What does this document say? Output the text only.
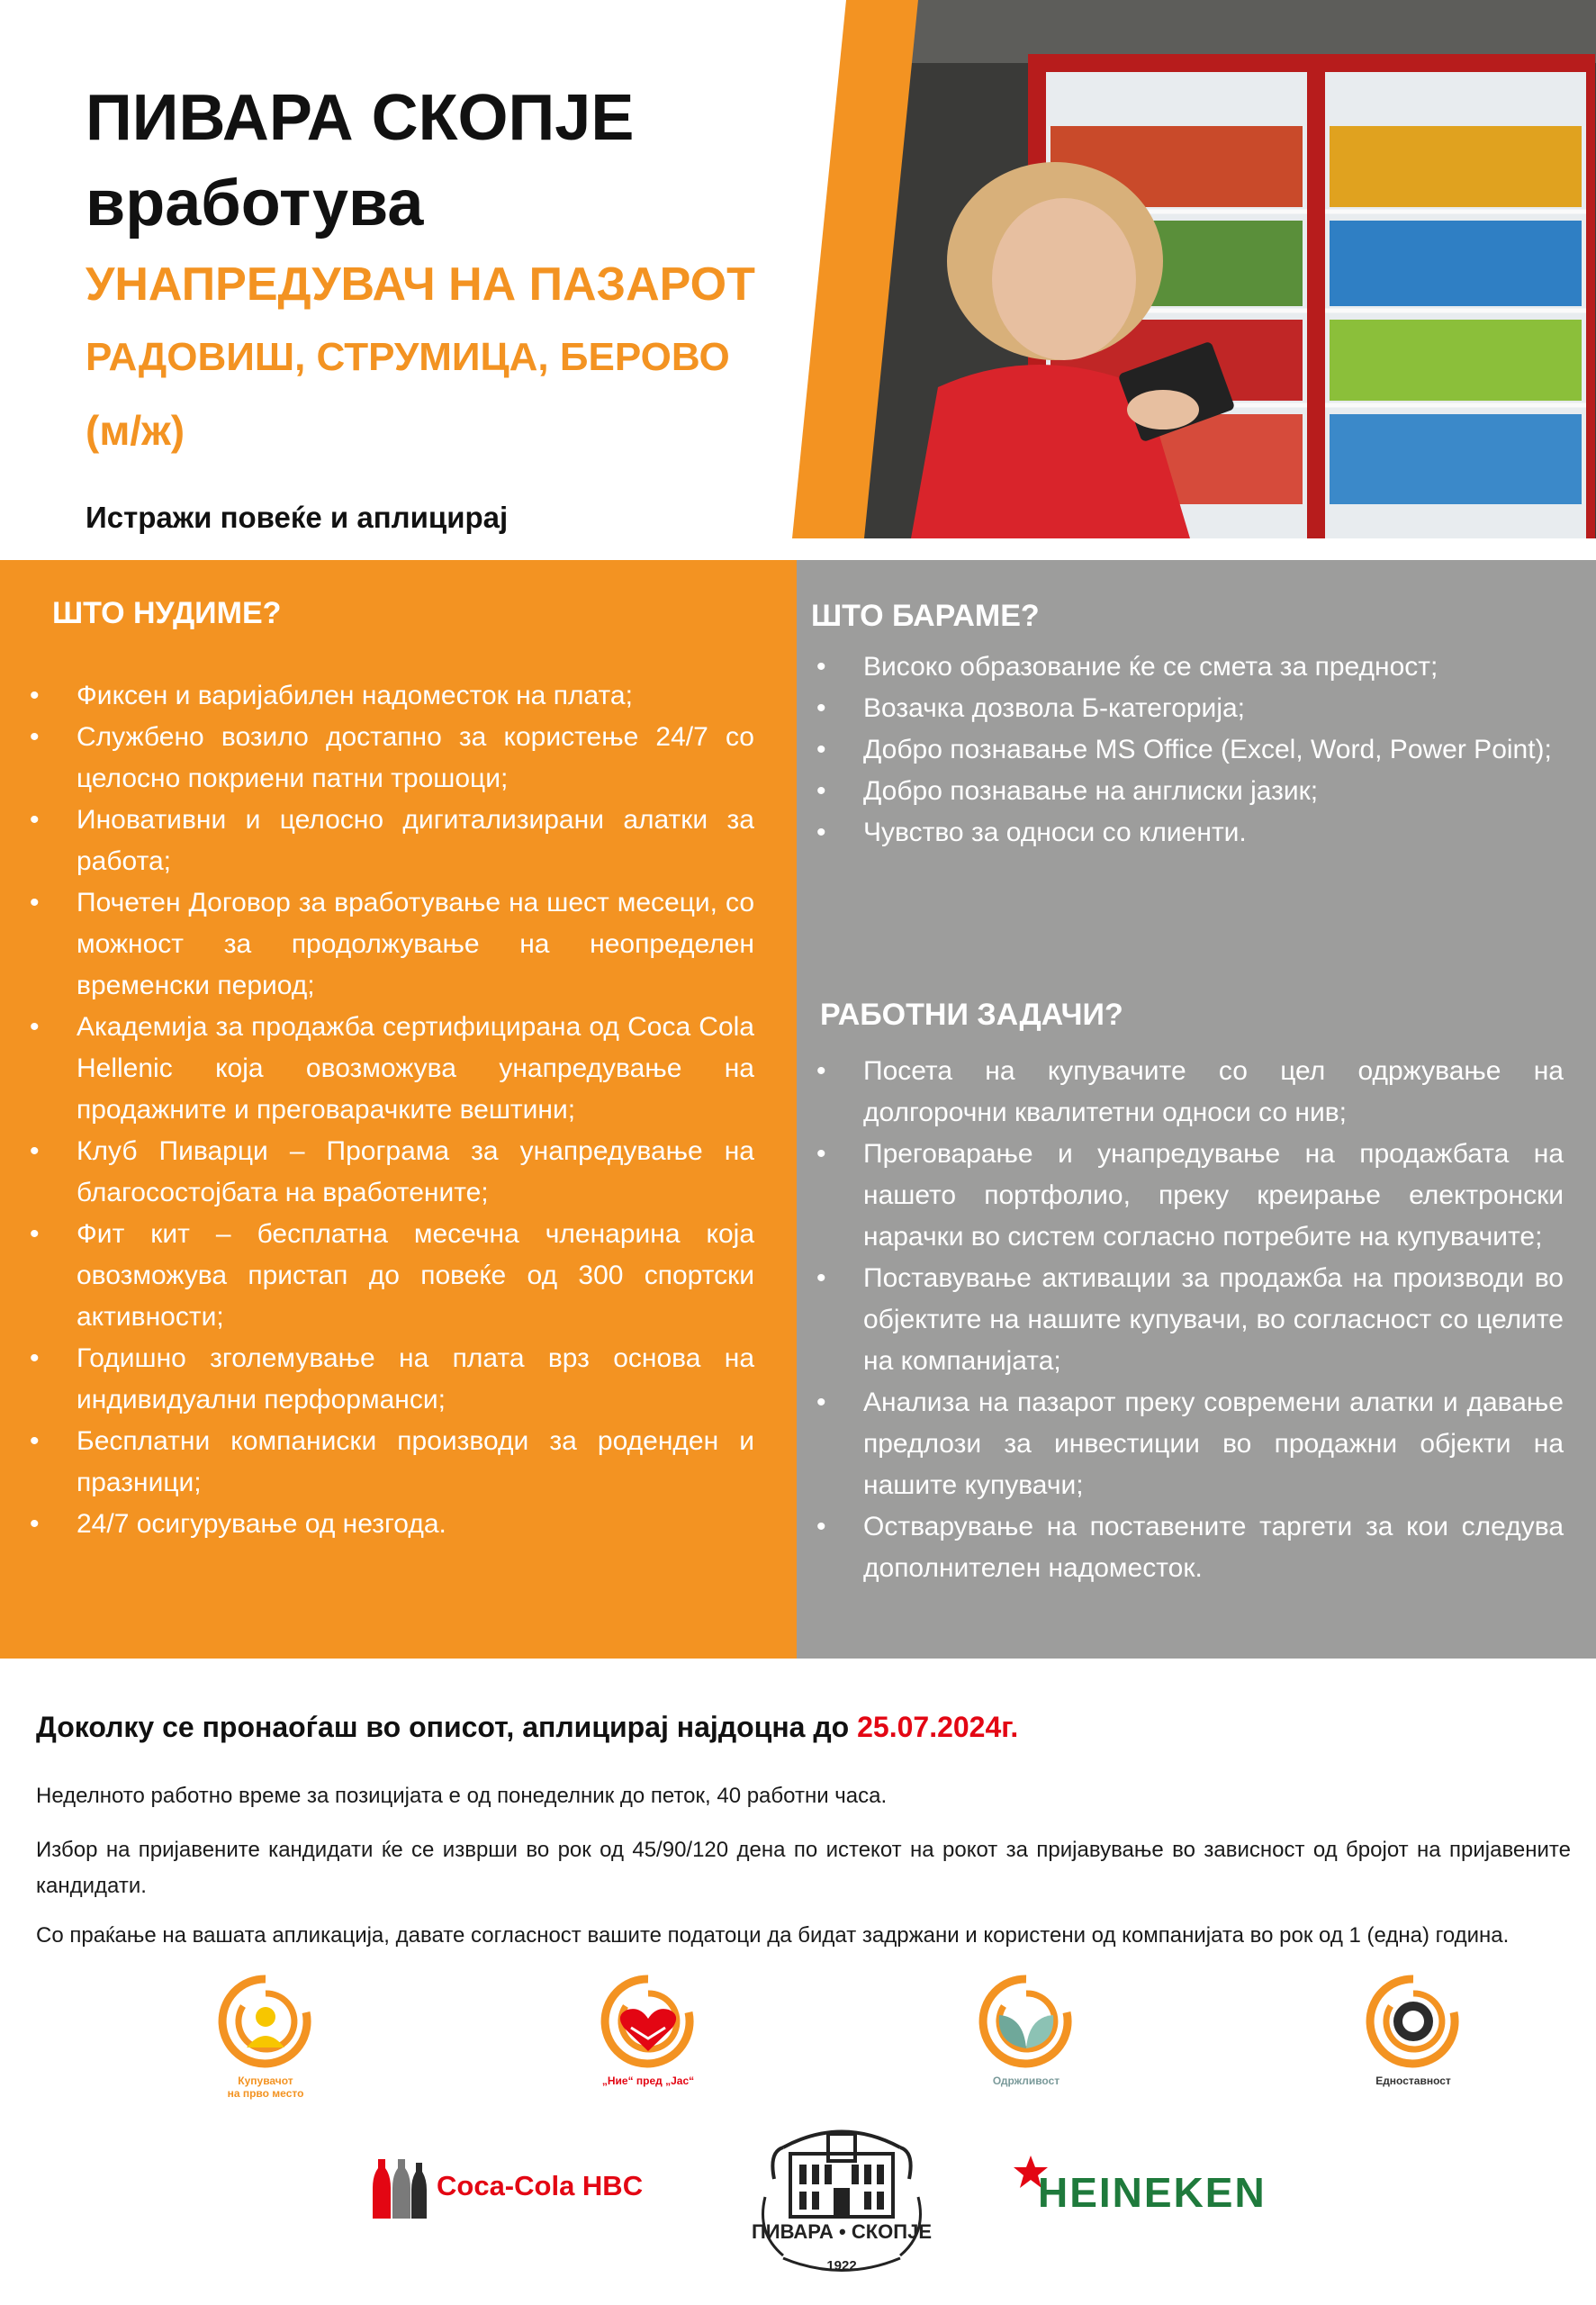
ПИВАРА СКОПЈЕ
вработува
УНАПРЕДУВАЧ НА ПАЗАРОТ
РАДОВИШ, СТРУМИЦА, БЕРОВО
(м/ж)
Истражи повеќе и аплицирај
ШТО НУДИМЕ?
• Фиксен и варијабилен надоместок на плата;
• Службено возило достапно за користење 24/7 со целосно покриени патни трошоци;
• Иновативни и целосно дигитализирани алатки за работа;
• Почетен Договор за вработување на шест месеци, со можност за продолжување на неопределен временски период;
• Академија за продажба сертифицирана од Coca Cola Hellenic која овозможува унапредување на продажните и преговарачките вештини;
• Клуб Пиварци – Програма за унапредување на благосостојбата на вработените;
• Фит кит – бесплатна месечна членарина која овозможува пристап до повеќе од 300 спортски активности;
• Годишно зголемување на плата врз основа на индивидуални перформанси;
• Бесплатни компаниски производи за роденден и празници;
• 24/7 осигурување од незгода.
ШТО БАРАМЕ?
• Високо образование ќе се смета за предност;
• Возачка дозвола Б-категорија;
• Добро познавање MS Office (Excel, Word, Power Point);
• Добро познавање на англиски јазик;
• Чувство за односи со клиенти.
РАБОТНИ ЗАДАЧИ?
• Посета на купувачите со цел одржување на долгорочни квалитетни односи со нив;
• Преговарање и унапредување на продажбата на нашето портфолио, преку креирање електронски нарачки во систем согласно потребите на купувачите;
• Поставување активации за продажба на производи во објектите на нашите купувачи, во согласност со целите на компанијата;
• Анализа на пазарот преку современи алатки и давање предлози за инвестиции во продажни објекти на нашите купувачи;
• Остварување на поставените таргети за кои следува дополнителен надоместок.
Доколку се пронаоѓаш во описот, аплицирај најдоцна до 25.07.2024г.
Неделното работно време за позицијата е од понеделник до петок, 40 работни часа.
Избор на пријавените кандидати ќе се изврши во рок од 45/90/120 дена по истекот на рокот за пријавување во зависност од бројот на пријавените кандидати.
Со праќање на вашата апликација, давате согласност вашите податоци да бидат задржани и користени од компанијата во рок од 1 (една) година.
Купувачот
на прво место
„Ние“ пред „Јас“	Одржливост	Едноставност
Coca-Cola HBC
ПИВАРА • СКОПЈЕ
1922
HEINEKEN
